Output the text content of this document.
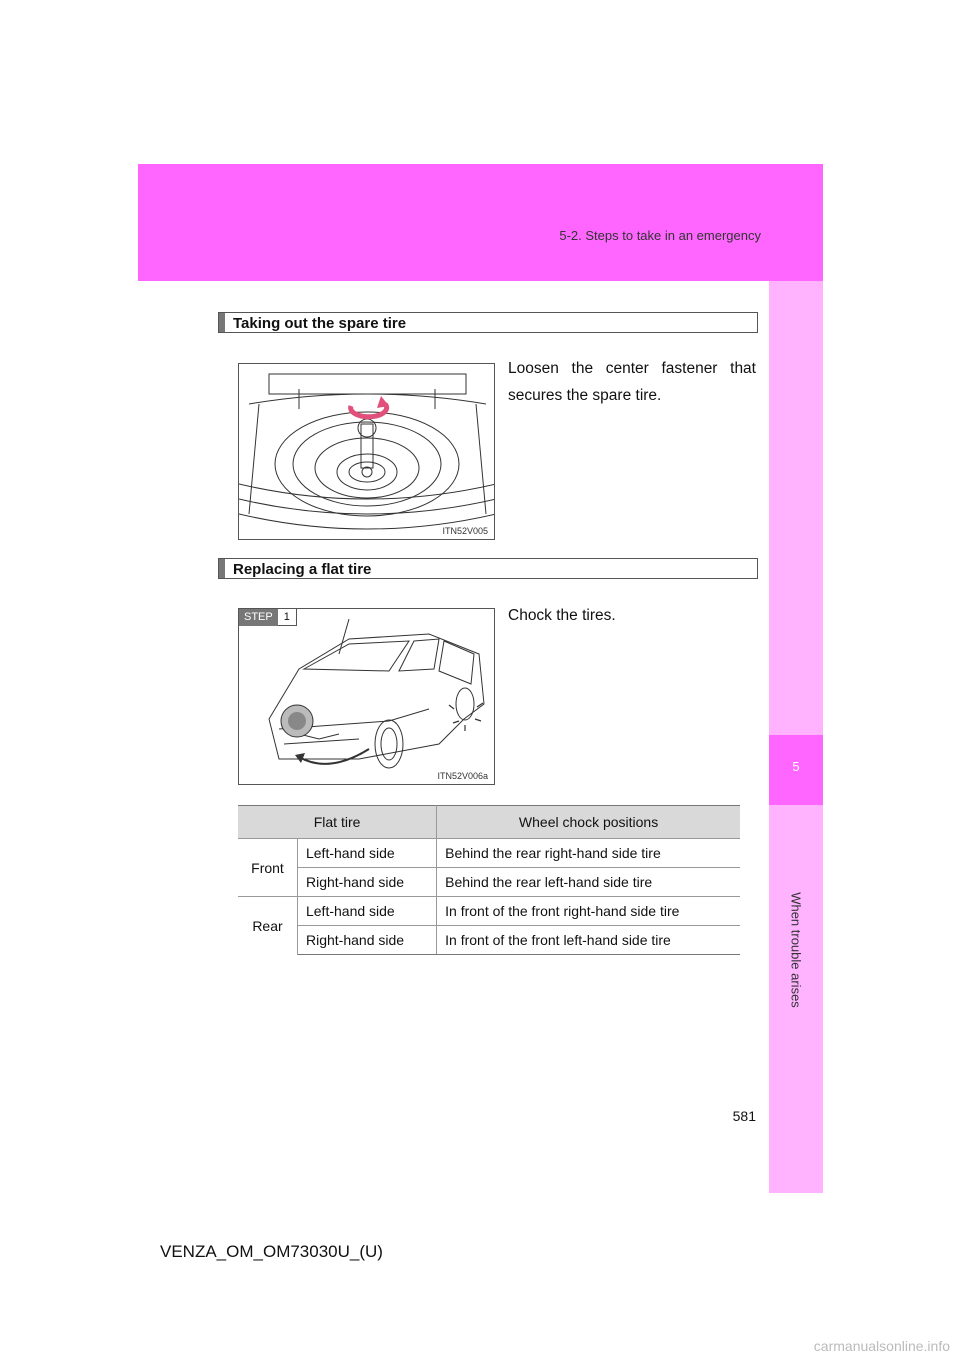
5-2. Steps to take in an emergency
5
When trouble arises
Taking out the spare tire
ITN52V005
Loosen the center fastener that secures the spare tire.
Replacing a flat tire
STEP	1
ITN52V006a
Chock the tires.
Flat tire		Wheel chock positions
Front	Left-hand side	Behind the rear right-hand side tire
	Right-hand side	Behind the rear left-hand side tire
Rear	Left-hand side	In front of the front right-hand side tire
	Right-hand side	In front of the front left-hand side tire
581
VENZA_OM_OM73030U_(U)
carmanualsonline.info
